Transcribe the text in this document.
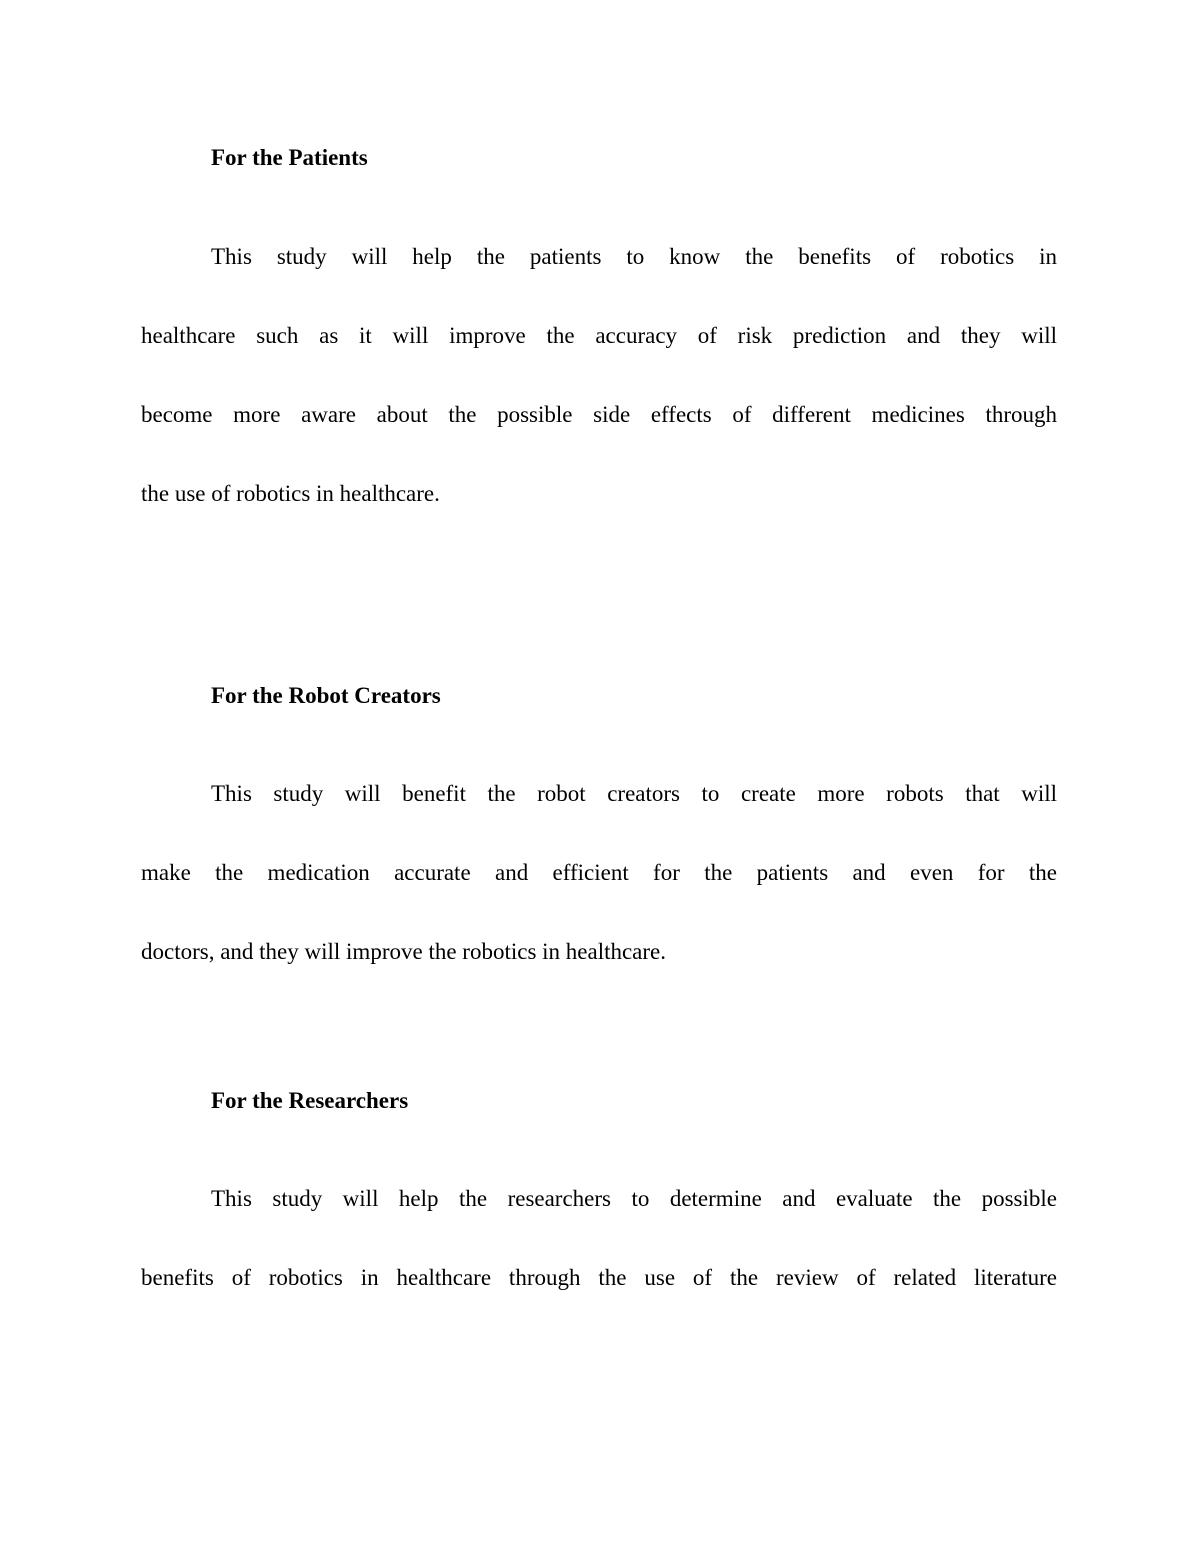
For the Patients
This study will help the patients to know the benefits of robotics in
healthcare such as it will improve the accuracy of risk prediction and they will
become more aware about the possible side effects of different medicines through
the use of robotics in healthcare.
For the Robot Creators
This study will benefit the robot creators to create more robots that will
make the medication accurate and efficient for the patients and even for the
doctors, and they will improve the robotics in healthcare.
For the Researchers
This study will help the researchers to determine and evaluate the possible
benefits of robotics in healthcare through the use of the review of related literature
